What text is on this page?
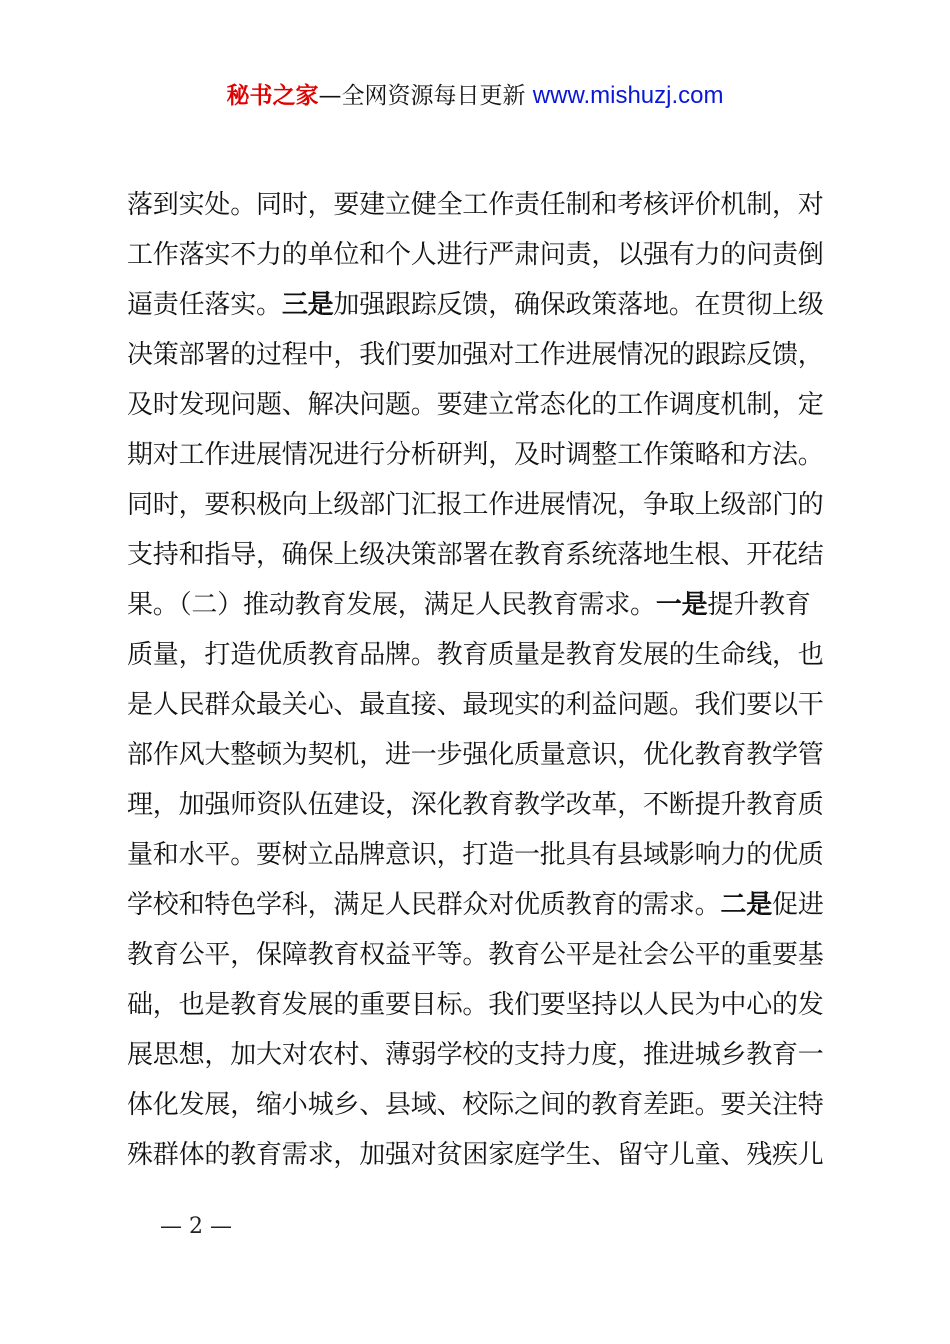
秘书之家—全网资源每日更新 www.mishuzj.com
落到实处。同时，要建立健全工作责任制和考核评价机制，对
工作落实不力的单位和个人进行严肃问责，以强有力的问责倒
逼责任落实。三是加强跟踪反馈，确保政策落地。在贯彻上级
决策部署的过程中，我们要加强对工作进展情况的跟踪反馈，
及时发现问题、解决问题。要建立常态化的工作调度机制，定
期对工作进展情况进行分析研判，及时调整工作策略和方法。
同时，要积极向上级部门汇报工作进展情况，争取上级部门的
支持和指导，确保上级决策部署在教育系统落地生根、开花结
果。（二）推动教育发展，满足人民教育需求。一是提升教育
质量，打造优质教育品牌。教育质量是教育发展的生命线，也
是人民群众最关心、最直接、最现实的利益问题。我们要以干
部作风大整顿为契机，进一步强化质量意识，优化教育教学管
理，加强师资队伍建设，深化教育教学改革，不断提升教育质
量和水平。要树立品牌意识，打造一批具有县域影响力的优质
学校和特色学科，满足人民群众对优质教育的需求。二是促进
教育公平，保障教育权益平等。教育公平是社会公平的重要基
础，也是教育发展的重要目标。我们要坚持以人民为中心的发
展思想，加大对农村、薄弱学校的支持力度，推进城乡教育一
体化发展，缩小城乡、县域、校际之间的教育差距。要关注特
殊群体的教育需求，加强对贫困家庭学生、留守儿童、残疾儿
— 2 —
